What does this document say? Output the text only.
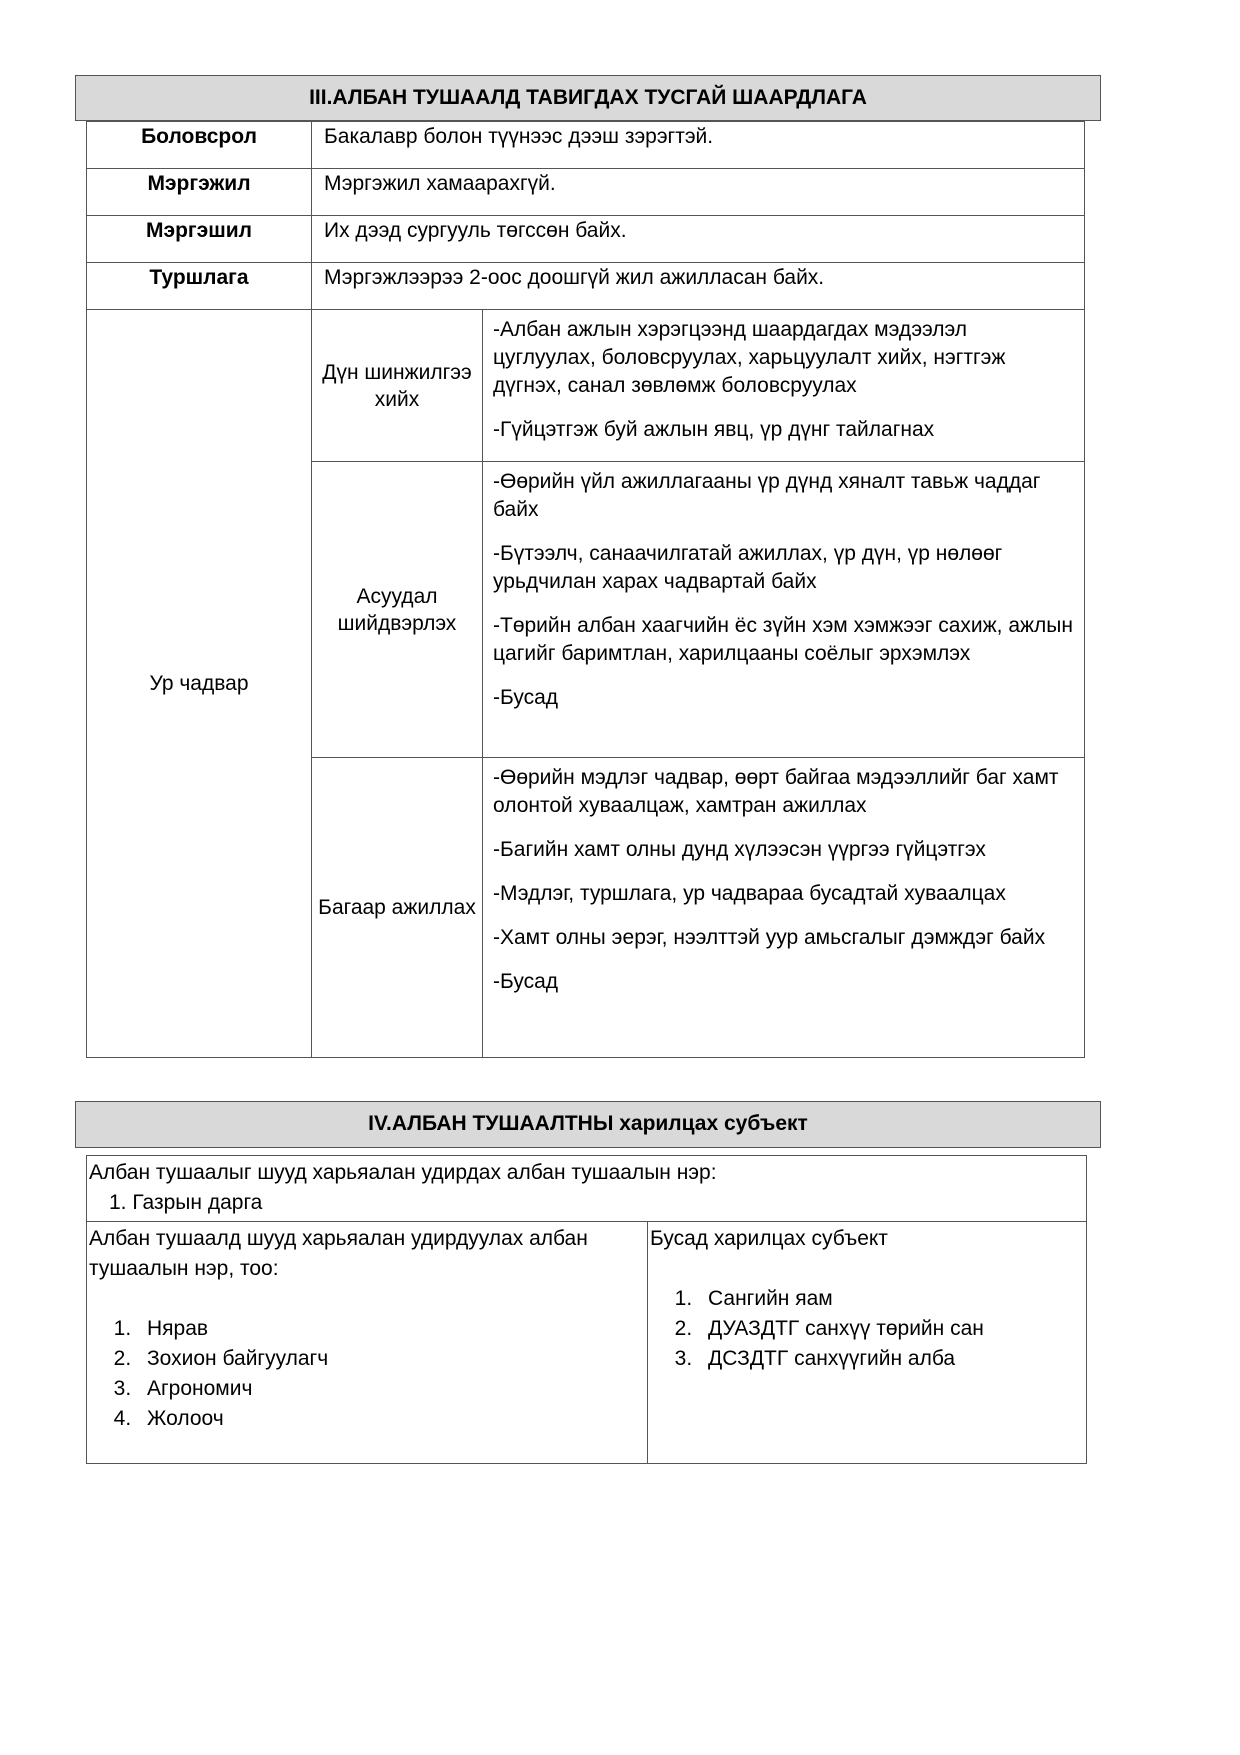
III.АЛБАН ТУШААЛД ТАВИГДАХ ТУСГАЙ ШААРДЛАГА
Боловсрол	Бакалавр болон түүнээс дээш зэрэгтэй.	
Мэргэжил	Мэргэжил хамаарахгүй.	
Мэргэшил	Их дээд сургууль төгссөн байх.	
Туршлага	Мэргэжлээрээ 2-оос доошгүй жил ажилласан байх.	
Ур чадвар	Дүн шинжилгээ хийх	-Албан ажлын хэрэгцээнд шаардагдах мэдээлэл цуглуулах, боловсруулах, харьцуулалт хийх, нэгтгэж дүгнэх, санал зөвлөмж боловсруулах

-Гүйцэтгэж буй ажлын явц, үр дүнг тайлагнах

	Асуудал шийдвэрлэх	-Өөрийн үйл ажиллагааны үр дүнд хяналт тавьж чаддаг байх

-Бүтээлч, санаачилгатай ажиллах, үр дүн, үр нөлөөг урьдчилан харах чадвартай байх

-Төрийн албан хаагчийн ёс зүйн хэм хэмжээг сахиж, ажлын цагийг баримтлан, харилцааны соёлыг эрхэмлэх

-Бусад

	Багаар ажиллах	-Өөрийн мэдлэг чадвар, өөрт байгаа мэдээллийг баг хамт олонтой хуваалцаж, хамтран ажиллах

-Багийн хамт олны дунд хүлээсэн үүргээ гүйцэтгэх

-Мэдлэг, туршлага, ур чадвараа бусадтай хуваалцах

-Хамт олны эерэг, нээлттэй уур амьсгалыг дэмждэг байх

-Бусад

IV.АЛБАН ТУШААЛТНЫ харилцах субъект
Албан тушаалыг шууд харьяалан удирдах албан тушаалын нэр:
1. Газрын дарга

Албан тушаалд шууд харьяалан удирдуулах албан тушаалын нэр, тоо:
1. Нярав
2. Зохион байгуулагч
3. Агрономич
4. Жолооч

Бусад харилцах субъект
1. Сангийн яам
2. ДУАЗДТГ санхүү төрийн сан
3. ДСЗДТГ санхүүгийн алба
